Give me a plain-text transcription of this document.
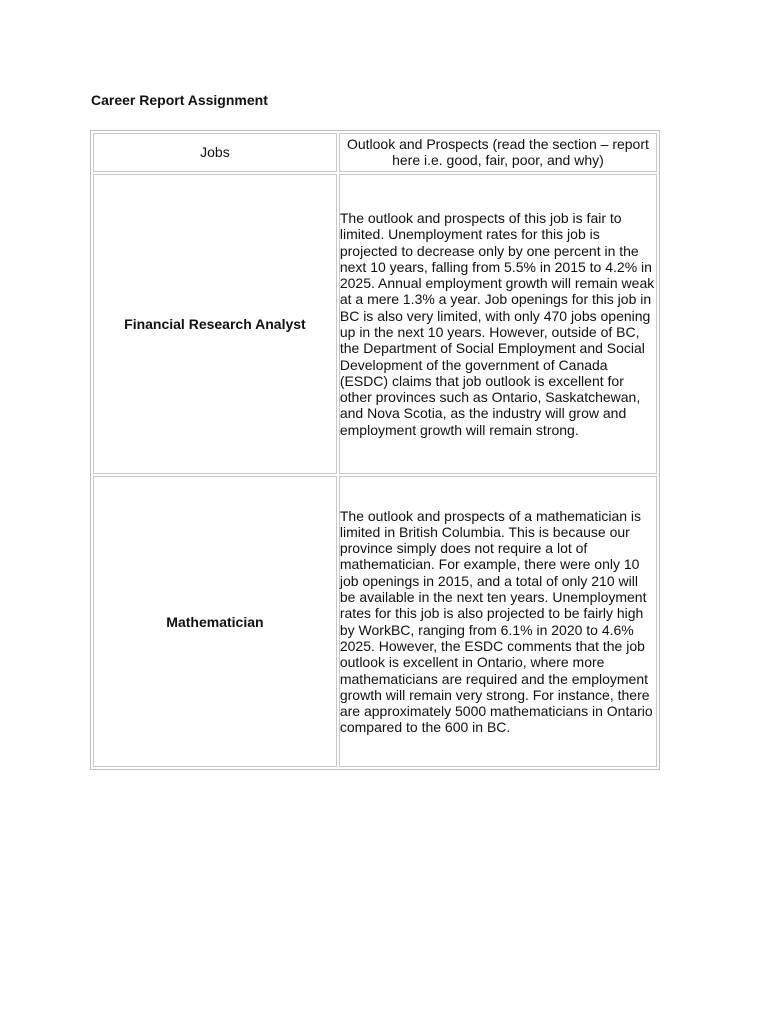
Career Report Assignment
Jobs	Outlook and Prospects (read the section – report here i.e. good, fair, poor, and why)
Financial Research Analyst	The outlook and prospects of this job is fair to limited. Unemployment rates for this job is projected to decrease only by one percent in the next 10 years, falling from 5.5% in 2015 to 4.2% in 2025. Annual employment growth will remain weak at a mere 1.3% a year. Job openings for this job in BC is also very limited, with only 470 jobs opening up in the next 10 years. However, outside of BC, the Department of Social Employment and Social Development of the government of Canada (ESDC) claims that job outlook is excellent for other provinces such as Ontario, Saskatchewan, and Nova Scotia, as the industry will grow and employment growth will remain strong.

Mathematician	The outlook and prospects of a mathematician is limited in British Columbia. This is because our province simply does not require a lot of mathematician. For example, there were only 10 job openings in 2015, and a total of only 210 will be available in the next ten years. Unemployment rates for this job is also projected to be fairly high by WorkBC, ranging from 6.1% in 2020 to 4.6% 2025. However, the ESDC comments that the job outlook is excellent in Ontario, where more mathematicians are required and the employment growth will remain very strong. For instance, there are approximately 5000 mathematicians in Ontario compared to the 600 in BC.
